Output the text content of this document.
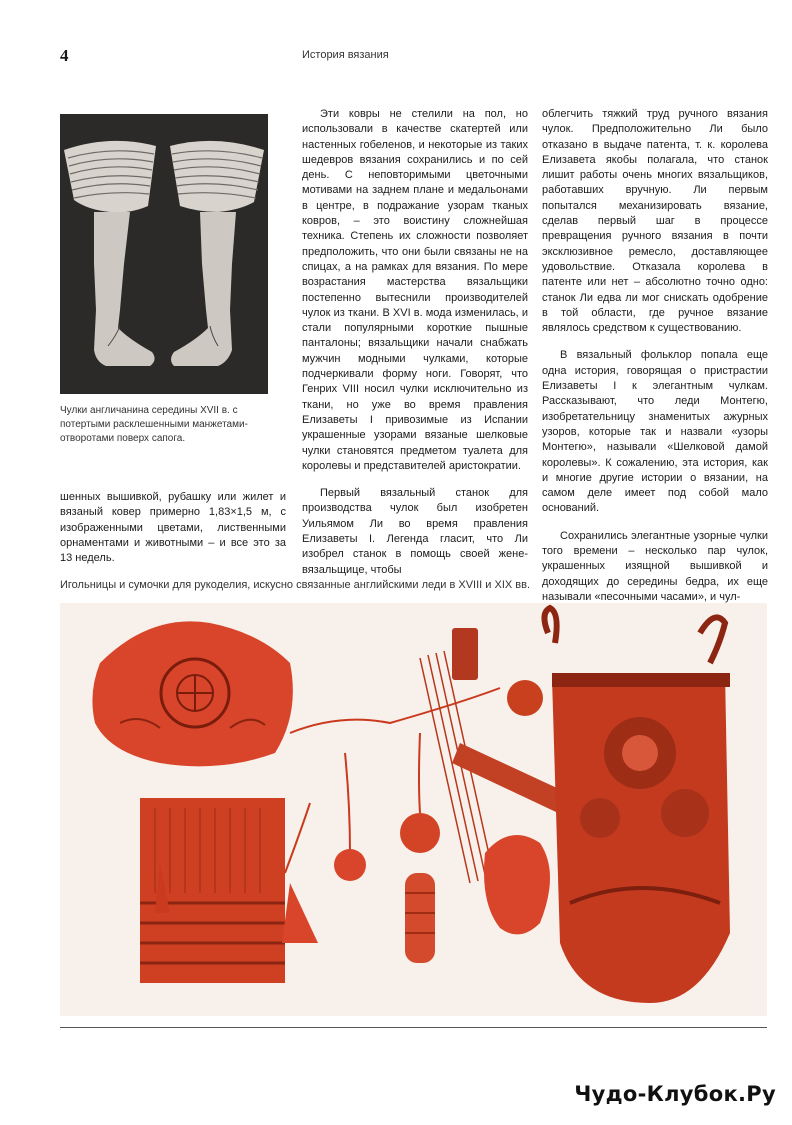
4	История вязания
Чулки англичанина середины XVII в. с потертыми расклешенными манжетами-отворотами поверх сапога.

шенных вышивкой, рубашку или жилет и вязаный ковер примерно 1,83×1,5 м, с изображенными цветами, лиственными орнаментами и животными – и все это за 13 недель.

Эти ковры не стелили на пол, но использовали в качестве скатертей или настенных гобеленов, и некоторые из таких шедевров вязания сохранились и по сей день. С неповторимыми цветочными мотивами на заднем плане и медальонами в центре, в подражание узорам тканых ковров, – это воистину сложнейшая техника. Степень их сложности позволяет предположить, что они были связаны не на спицах, а на рамках для вязания. По мере возрастания мастерства вязальщики постепенно вытеснили производителей чулок из ткани. В XVI в. мода изменилась, и стали популярными короткие пышные панталоны; вязальщики начали снабжать мужчин модными чулками, которые подчеркивали форму ноги. Говорят, что Генрих VIII носил чулки исключительно из ткани, но уже во время правления Елизаветы I привозимые из Испании украшенные узорами вязаные шелковые чулки становятся предметом туалета для королевы и представителей аристократии.

Первый вязальный станок для производства чулок был изобретен Уильямом Ли во время правления Елизаветы I. Легенда гласит, что Ли изобрел станок в помощь своей жене-вязальщице, чтобы

облегчить тяжкий труд ручного вязания чулок. Предположительно Ли было отказано в выдаче патента, т. к. королева Елизавета якобы полагала, что станок лишит работы очень многих вязальщиков, работавших вручную. Ли первым попытался механизировать вязание, сделав первый шаг в процессе превращения ручного вязания в почти эксклюзивное ремесло, доставляющее удовольствие. Отказала королева в патенте или нет – абсолютно точно одно: станок Ли едва ли мог снискать одобрение в той области, где ручное вязание являлось средством к существованию.

В вязальный фольклор попала еще одна история, говорящая о пристрастии Елизаветы I к элегантным чулкам. Рассказывают, что леди Монтегю, изобретательницу знаменитых ажурных узоров, которые так и назвали «узоры Монтегю», называли «Шелковой дамой королевы». К сожалению, эта история, как и многие другие истории о вязании, на самом деле имеет под собой мало оснований.

Сохранились элегантные узорные чулки того времени – несколько пар чулок, украшенных изящной вышивкой и доходящих до середины бедра, их еще называли «песочными часами», и чул-

Игольницы и сумочки для рукоделия, искусно связанные английскими леди в XVIII и XIX вв.
Чудо-Клубок.Ру
